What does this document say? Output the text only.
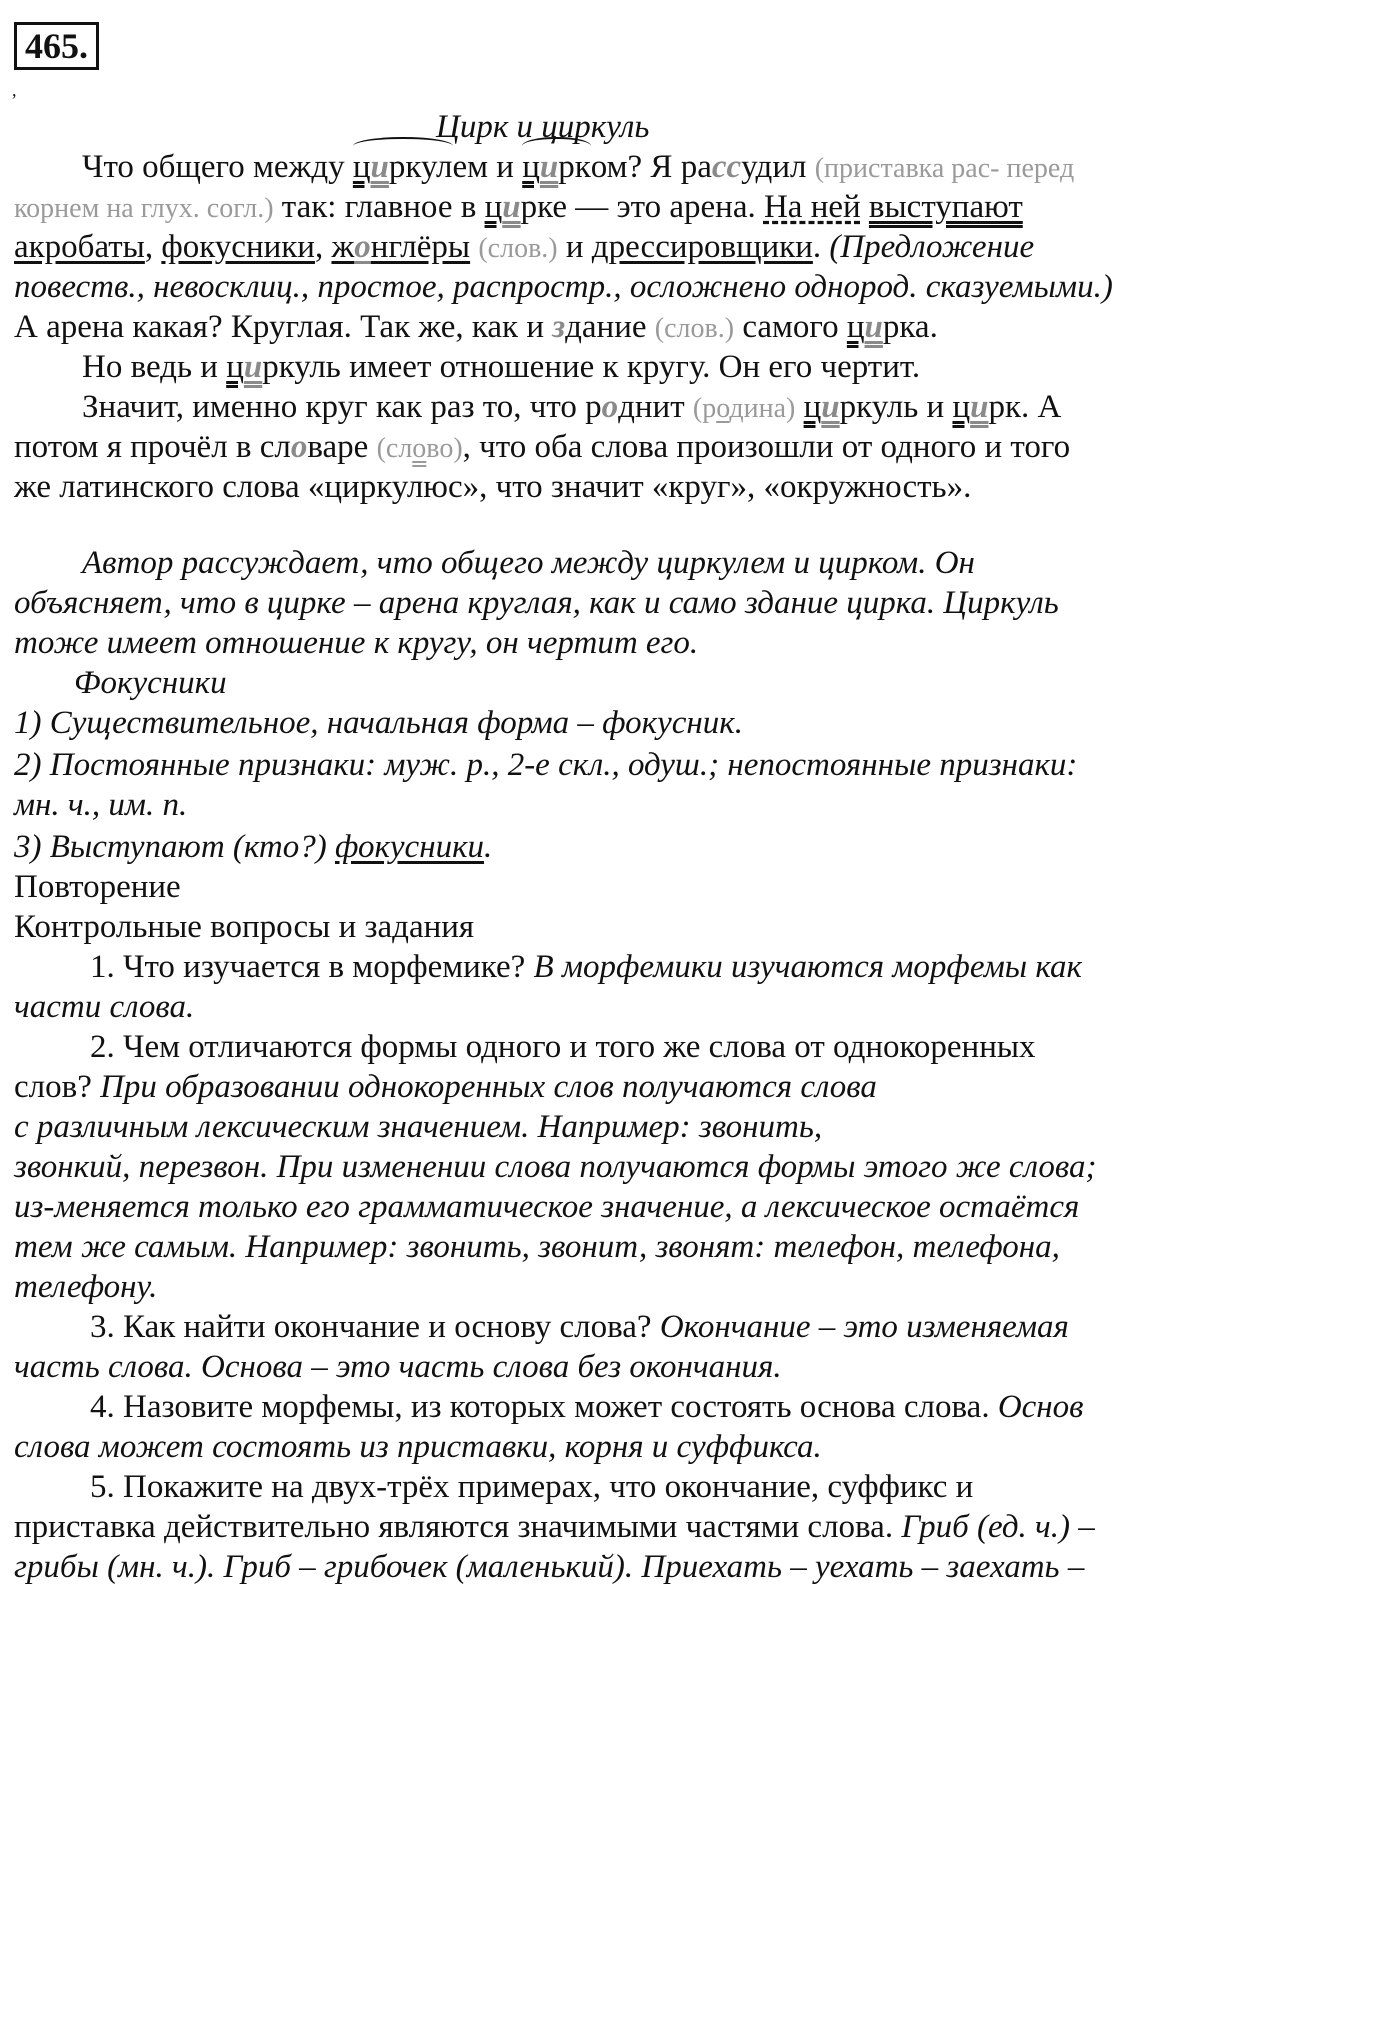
465.
,
Цирк и циркуль
Что общего между циркулем и цирком? Я рассудил (приставка рас- перед
корнем на глух. согл.) так: главное в цирке — это арена. На ней выступают
акробаты, фокусники, жонглёры (слов.) и дрессировщики. (Предложение
повеств., невосклиц., простое, распростр., осложнено однород. сказуемыми.)
А арена какая? Круглая. Так же, как и здание (слов.) самого цирка.
Но ведь и циркуль имеет отношение к кругу. Он его чертит.
Значит, именно круг как раз то, что роднит (родина) циркуль и цирк. А
потом я прочёл в словаре (слово), что оба слова произошли от одного и того
же латинского слова «циркулюс», что значит «круг», «окружность».
Автор рассуждает, что общего между циркулем и цирком. Он
объясняет, что в цирке – арена круглая, как и само здание цирка. Циркуль
тоже имеет отношение к кругу, он чертит его.
Фокусники
1) Существительное, начальная форма – фокусник.
2) Постоянные признаки: муж. р., 2-е скл., одуш.; непостоянные признаки:
мн. ч., им. п.
3) Выступают (кто?) фокусники.
Повторение
Контрольные вопросы и задания
1. Что изучается в морфемике? В морфемики изучаются морфемы как
части слова.
2. Чем отличаются формы одного и того же слова от однокоренных
слов? При образовании однокоренных слов получаются слова
с различным лексическим значением. Например: звонить,
звонкий, перезвон. При изменении слова получаются формы этого же слова;
из-меняется только его грамматическое значение, а лексическое остаётся
тем же самым. Например: звонить, звонит, звонят: телефон, телефона,
телефону.
3. Как найти окончание и основу слова? Окончание – это изменяемая
часть слова. Основа – это часть слова без окончания.
4. Назовите морфемы, из которых может состоять основа слова. Основ
слова может состоять из приставки, корня и суффикса.
5. Покажите на двух-трёх примерах, что окончание, суффикс и
приставка действительно являются значимыми частями слова. Гриб (ед. ч.) –
грибы (мн. ч.). Гриб – грибочек (маленький). Приехать – уехать – заехать –
